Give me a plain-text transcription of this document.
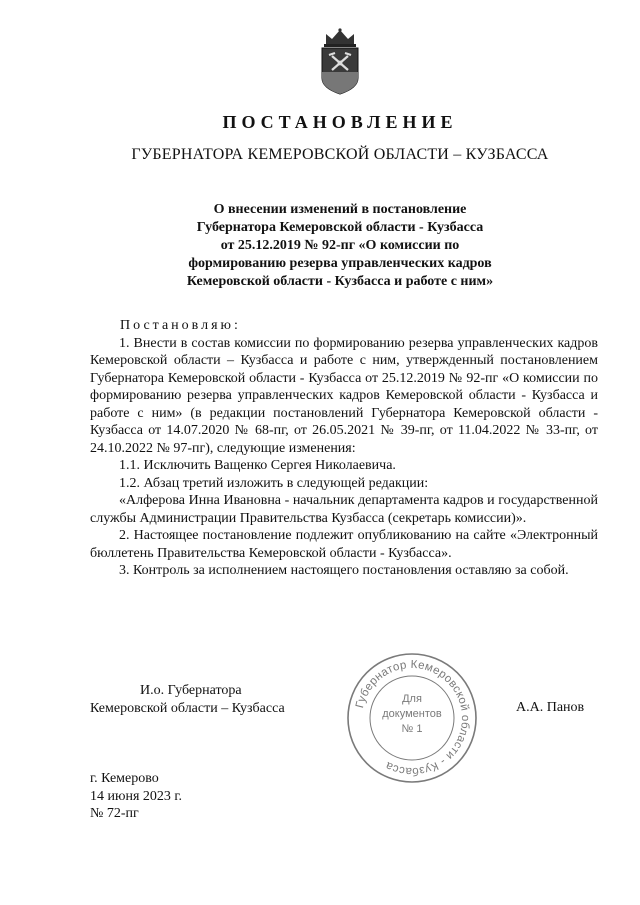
ПОСТАНОВЛЕНИЕ
ГУБЕРНАТОРА КЕМЕРОВСКОЙ ОБЛАСТИ – КУЗБАССА
О внесении изменений в постановление
Губернатора Кемеровской области - Кузбасса
от 25.12.2019 № 92-пг «О комиссии по
формированию резерва управленческих кадров
Кемеровской области - Кузбасса и работе с ним»
Постановляю:
1. Внести в состав комиссии по формированию резерва управленческих кадров Кемеровской области – Кузбасса и работе с ним, утвержденный постановлением Губернатора Кемеровской области - Кузбасса от 25.12.2019 № 92-пг «О комиссии по формированию резерва управленческих кадров Кемеровской области - Кузбасса и работе с ним» (в редакции постановлений Губернатора Кемеровской области - Кузбасса от 14.07.2020 № 68-пг, от 26.05.2021 № 39-пг, от 11.04.2022 № 33-пг, от 24.10.2022 № 97-пг), следующие изменения:
1.1. Исключить Ващенко Сергея Николаевича.
1.2. Абзац третий изложить в следующей редакции:
«Алферова Инна Ивановна - начальник департамента кадров и государственной службы Администрации Правительства Кузбасса (секретарь комиссии)».
2. Настоящее постановление подлежит опубликованию на сайте «Электронный бюллетень Правительства Кемеровской области - Кузбасса».
3. Контроль за исполнением настоящего постановления оставляю за собой.
И.о. Губернатора
Кемеровской области – Кузбасса	А.А. Панов
Губернатор Кемеровской области - Кузбасса
Для
документов
№ 1
г. Кемерово
14 июня 2023 г.
№ 72-пг
